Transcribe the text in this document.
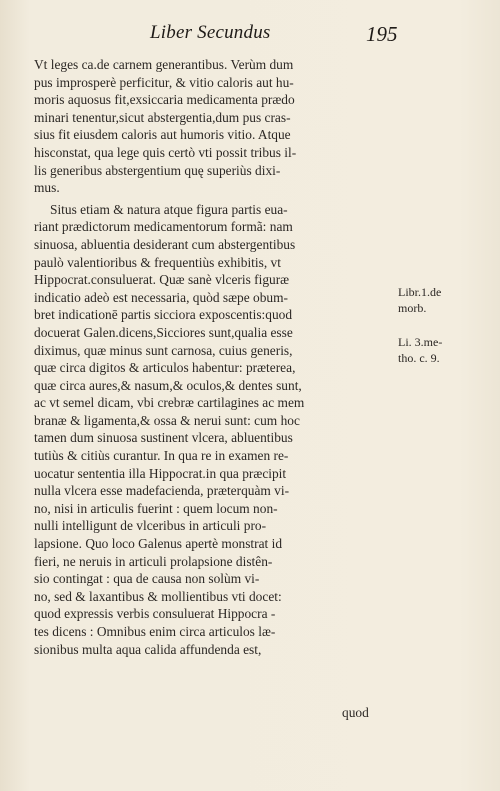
Liber Secundus	195
Vt leges ca.de carnem generantibus. Verùm dum
pus improsperè perficitur, & vitio caloris aut hu-
moris aquosus fit,exsiccaria medicamenta prædo
minari tenentur,sicut abstergentia,dum pus cras-
sius fit eiusdem caloris aut humoris vitio. Atque
hisconstat, qua lege quis certò vti possit tribus il-
lis generibus abstergentium quę superiùs dixi-
mus.
Situs etiam & natura atque figura partis eua-
riant prædictorum medicamentorum formã: nam
sinuosa, abluentia desiderant cum abstergentibus
paulò valentioribus & frequentiùs exhibitis, vt
Hippocrat.consuluerat. Quæ sanè vlceris figuræ
indicatio adeò est necessaria, quòd sæpe obum-
bret indicationē partis sicciora exposcentis:quod
docuerat Galen.dicens,Sicciores sunt,qualia esse
diximus, quæ minus sunt carnosa, cuius generis,
quæ circa digitos & articulos habentur: præterea,
quæ circa aures,& nasum,& oculos,& dentes sunt,
ac vt semel dicam, vbi crebræ cartilagines ac mem
branæ & ligamenta,& ossa & nerui sunt: cum hoc
tamen dum sinuosa sustinent vlcera, abluentibus
tutiùs & citiùs curantur. In qua re in examen re-
uocatur sententia illa Hippocrat.in qua præcipit
nulla vlcera esse madefacienda, præterquàm vi-
no, nisi in articulis fuerint : quem locum non-
nulli intelligunt de vlceribus in articuli pro-
lapsione. Quo loco Galenus apertè monstrat id
fieri, ne neruis in articuli prolapsione distên-
sio contingat : qua de causa non solùm vi-
no, sed & laxantibus & mollientibus vti docet:
quod expressis verbis consuluerat Hippocra -
tes dicens : Omnibus enim circa articulos læ-
sionibus multa aqua calida affundenda est,
quod
Libr.1.de
morb.
Li. 3.me-
tho. c. 9.
